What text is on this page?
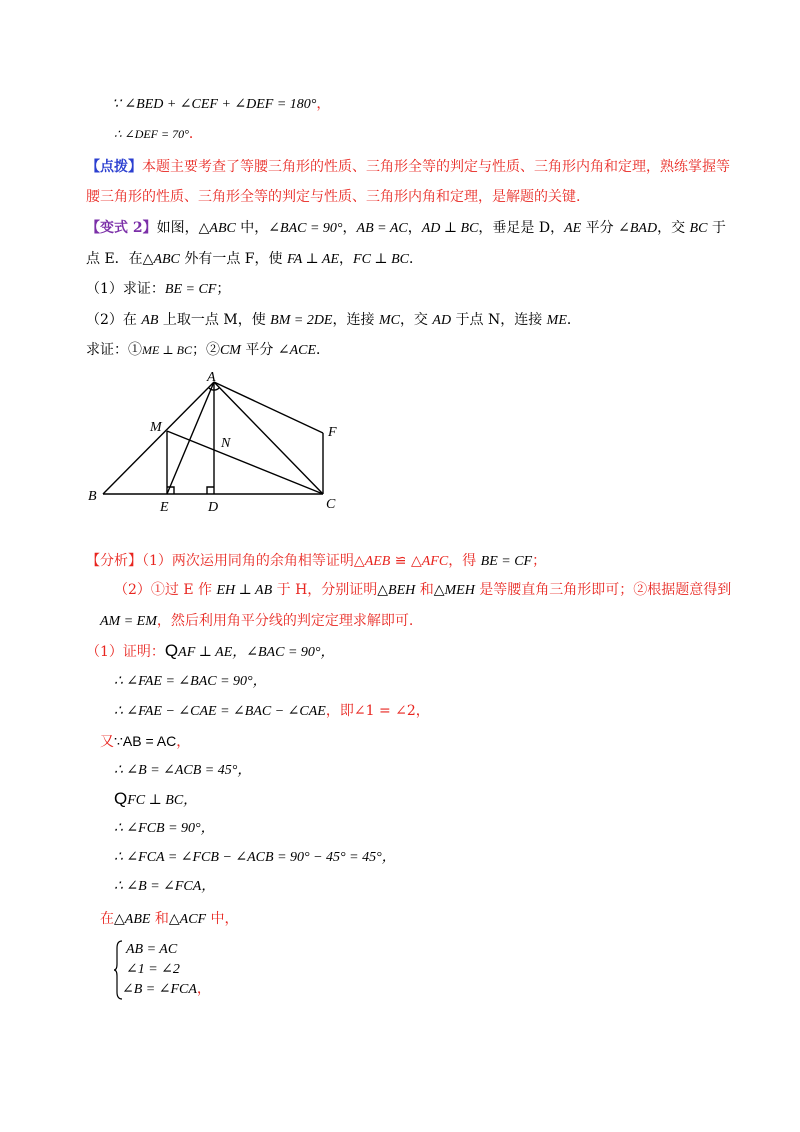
∵ ∠BED + ∠CEF + ∠DEF = 180°，
∴ ∠DEF = 70°．
【点拨】本题主要考查了等腰三角形的性质、三角形全等的判定与性质、三角形内角和定理，熟练掌握等
腰三角形的性质、三角形全等的判定与性质、三角形内角和定理，是解题的关键.
【变式 2】如图，△ABC 中，∠BAC = 90°，AB = AC，AD ⊥ BC，垂足是 D，AE 平分 ∠BAD，交 BC 于
点 E．在△ABC 外有一点 F，使 FA ⊥ AE，FC ⊥ BC．
（1）求证：BE = CF；
（2）在 AB 上取一点 M，使 BM = 2DE，连接 MC，交 AD 于点 N，连接 ME．
求证：①ME ⊥ BC；②CM 平分 ∠ACE．
A
B
C
D
E
F
M
N
【分析】（1）两次运用同角的余角相等证明△AEB ≌ △AFC，得 BE = CF；
（2）①过 E 作 EH ⊥ AB 于 H，分别证明△BEH 和△MEH 是等腰直角三角形即可；②根据题意得到
AM = EM，然后利用角平分线的判定定理求解即可.
（1）证明：QAF ⊥ AE，∠BAC = 90°，
∴ ∠FAE = ∠BAC = 90°，
∴ ∠FAE − ∠CAE = ∠BAC − ∠CAE，即∠1 = ∠2，
又∵AB = AC，
∴ ∠B = ∠ACB = 45°，
QFC ⊥ BC，
∴ ∠FCB = 90°，
∴ ∠FCA = ∠FCB − ∠ACB = 90° − 45° = 45°，
∴ ∠B = ∠FCA，
在△ABE 和△ACF 中，
AB = AC
∠1 = ∠2
∠B = ∠FCA，
